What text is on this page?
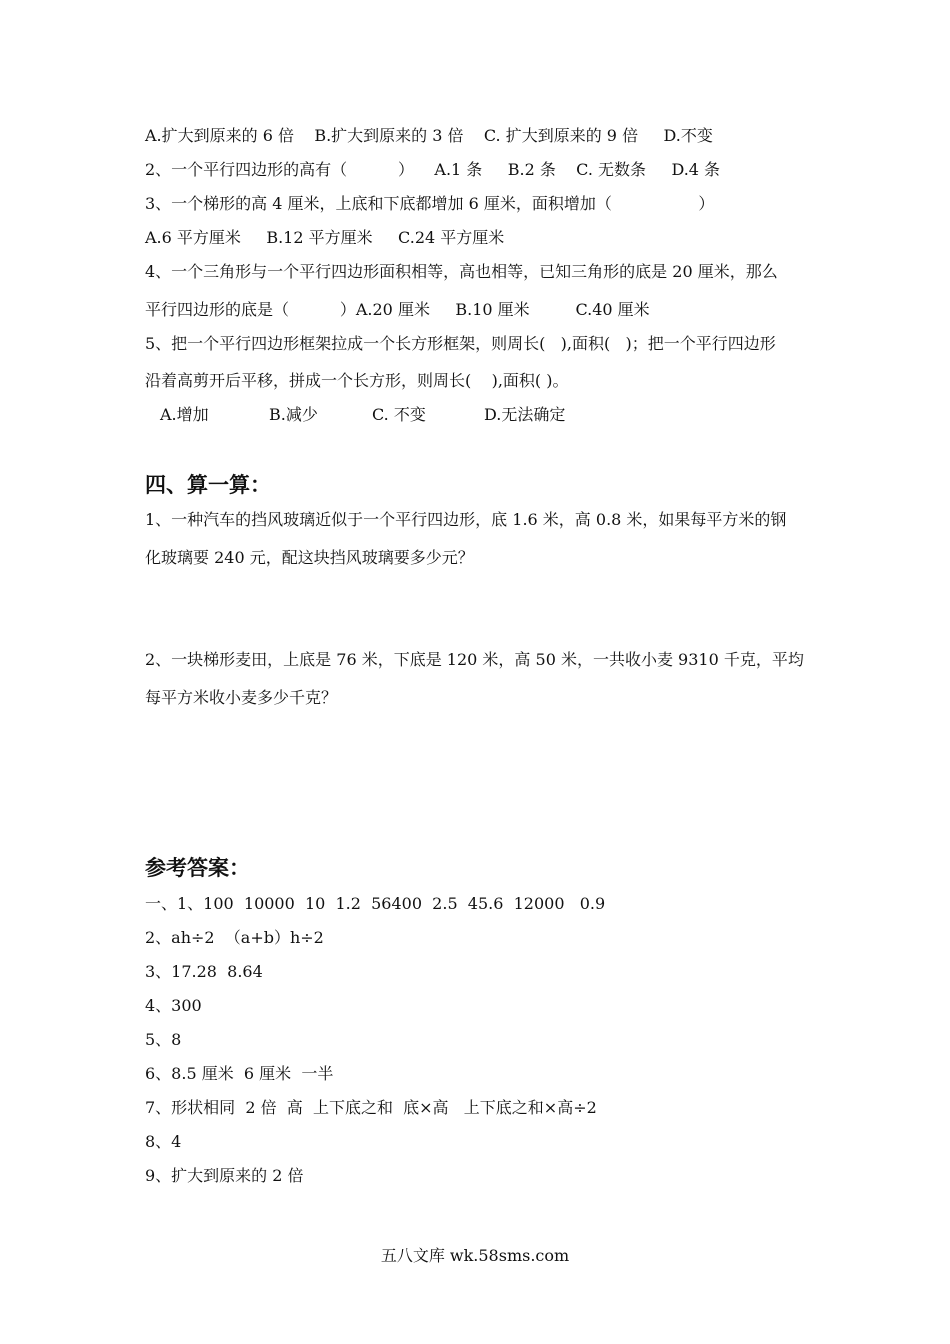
A.扩大到原来的 6 倍    B.扩大到原来的 3 倍    C. 扩大到原来的 9 倍     D.不变
2、一个平行四边形的高有（          ）    A.1 条     B.2 条    C. 无数条     D.4 条
3、一个梯形的高 4 厘米，上底和下底都增加 6 厘米，面积增加（                 ）
A.6 平方厘米     B.12 平方厘米     C.24 平方厘米
4、一个三角形与一个平行四边形面积相等，高也相等，已知三角形的底是 20 厘米，那么
平行四边形的底是（          ）A.20 厘米     B.10 厘米         C.40 厘米
5、把一个平行四边形框架拉成一个长方形框架，则周长(   ),面积(   )；把一个平行四边形
沿着高剪开后平移，拼成一个长方形，则周长(    ),面积( )。
A.增加	B.减少	C. 不变	D.无法确定
四、算一算：
1、一种汽车的挡风玻璃近似于一个平行四边形，底 1.6 米，高 0.8 米，如果每平方米的钢
化玻璃要 240 元，配这块挡风玻璃要多少元？
2、一块梯形麦田，上底是 76 米，下底是 120 米，高 50 米，一共收小麦 9310 千克，平均
每平方米收小麦多少千克？
参考答案：
一、1、100  10000  10  1.2  56400  2.5  45.6  12000   0.9
2、ah÷2  （a+b）h÷2
3、17.28  8.64
4、300
5、8
6、8.5 厘米  6 厘米  一半
7、形状相同  2 倍  高  上下底之和  底×高   上下底之和×高÷2
8、4
9、扩大到原来的 2 倍
五八文库 wk.58sms.com
